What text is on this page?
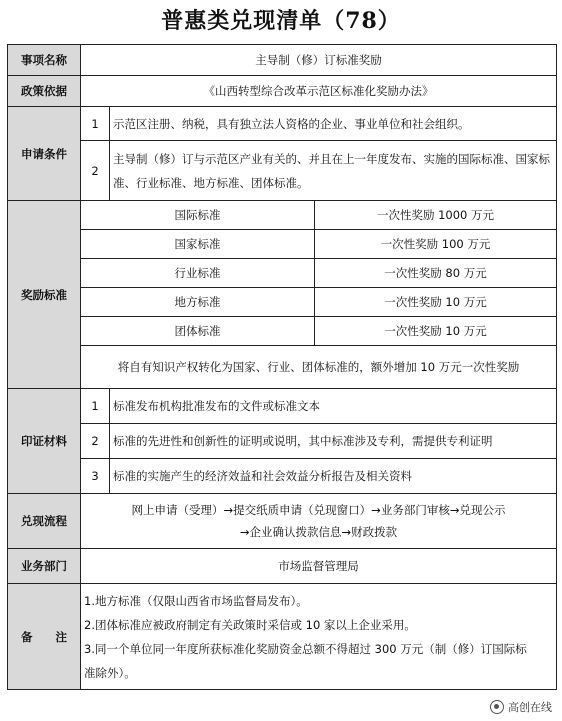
普惠类兑现清单（78）
事项名称	主导制（修）订标准奖励		
政策依据	《山西转型综合改革示范区标准化奖励办法》		
申请条件	1	示范区注册、纳税，具有独立法人资格的企业、事业单位和社会组织。	
	2	主导制（修）订与示范区产业有关的、并且在上一年度发布、实施的国际标准、国家标准、行业标准、地方标准、团体标准。	
奖励标准	国际标准		一次性奖励 1000 万元
	国家标准		一次性奖励 100 万元
	行业标准		一次性奖励 80 万元
	地方标准		一次性奖励 10 万元
	团体标准		一次性奖励 10 万元
	将自有知识产权转化为国家、行业、团体标准的，额外增加 10 万元一次性奖励		
印证材料	1	标准发布机构批准发布的文件或标准文本	
	2	标准的先进性和创新性的证明或说明，其中标准涉及专利，需提供专利证明	
	3	标准的实施产生的经济效益和社会效益分析报告及相关资料	
兑现流程	网上申请（受理）→提交纸质申请（兑现窗口）→业务部门审核→兑现公示
→企业确认拨款信息→财政拨款		

业务部门	市场监督管理局		
备　　注	1.地方标准（仅限山西省市场监督局发布）。
2.团体标准应被政府制定有关政策时采信或 10 家以上企业采用。
3.同一个单位同一年度所获标准化奖励资金总额不得超过 300 万元（制（修）订国际标准除外）。		
高创在线
